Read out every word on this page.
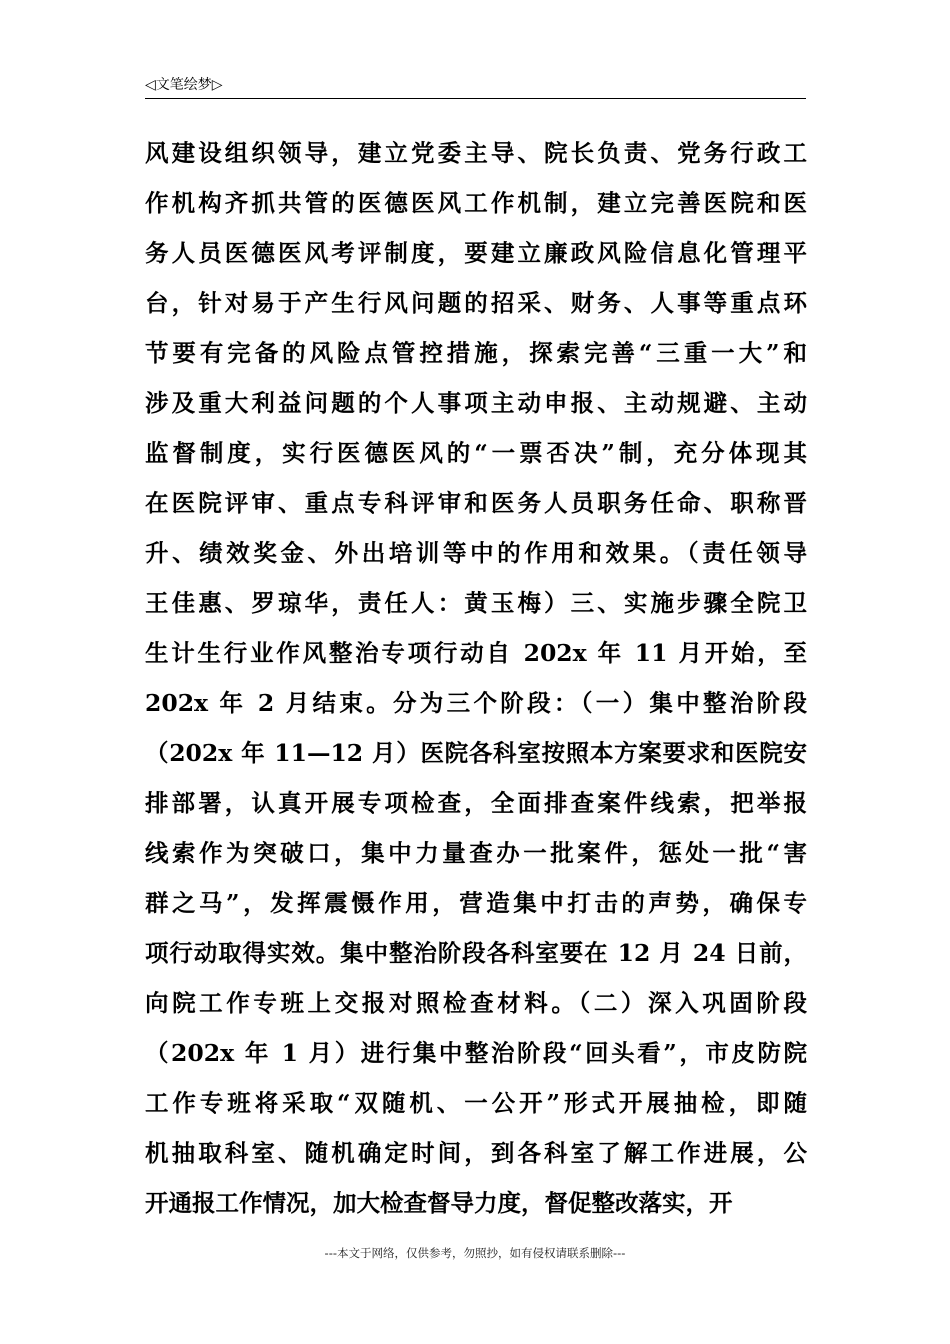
◁文笔绘梦▷
风建设组织领导，建立党委主导、院长负责、党务行政工
作机构齐抓共管的医德医风工作机制，建立完善医院和医
务人员医德医风考评制度，要建立廉政风险信息化管理平
台，针对易于产生行风问题的招采、财务、人事等重点环
节要有完备的风险点管控措施，探索完善“三重一大”和
涉及重大利益问题的个人事项主动申报、主动规避、主动
监督制度，实行医德医风的“一票否决”制，充分体现其
在医院评审、重点专科评审和医务人员职务任命、职称晋
升、绩效奖金、外出培训等中的作用和效果。（责任领导
王佳惠、罗琼华，责任人：黄玉梅）三、实施步骤全院卫
生计生行业作风整治专项行动自 202x 年 11 月开始，至
202x 年 2 月结束。分为三个阶段：（一）集中整治阶段
（202x 年 11—12 月）医院各科室按照本方案要求和医院安
排部署，认真开展专项检查，全面排查案件线索，把举报
线索作为突破口，集中力量查办一批案件，惩处一批“害
群之马”，发挥震慑作用，营造集中打击的声势，确保专
项行动取得实效。集中整治阶段各科室要在 12 月 24 日前，
向院工作专班上交报对照检查材料。（二）深入巩固阶段
（202x 年 1 月）进行集中整治阶段“回头看”，市皮防院
工作专班将采取“双随机、一公开”形式开展抽检，即随
机抽取科室、随机确定时间，到各科室了解工作进展，公
开通报工作情况，加大检查督导力度，督促整改落实，开
---本文于网络，仅供参考，勿照抄，如有侵权请联系删除---
